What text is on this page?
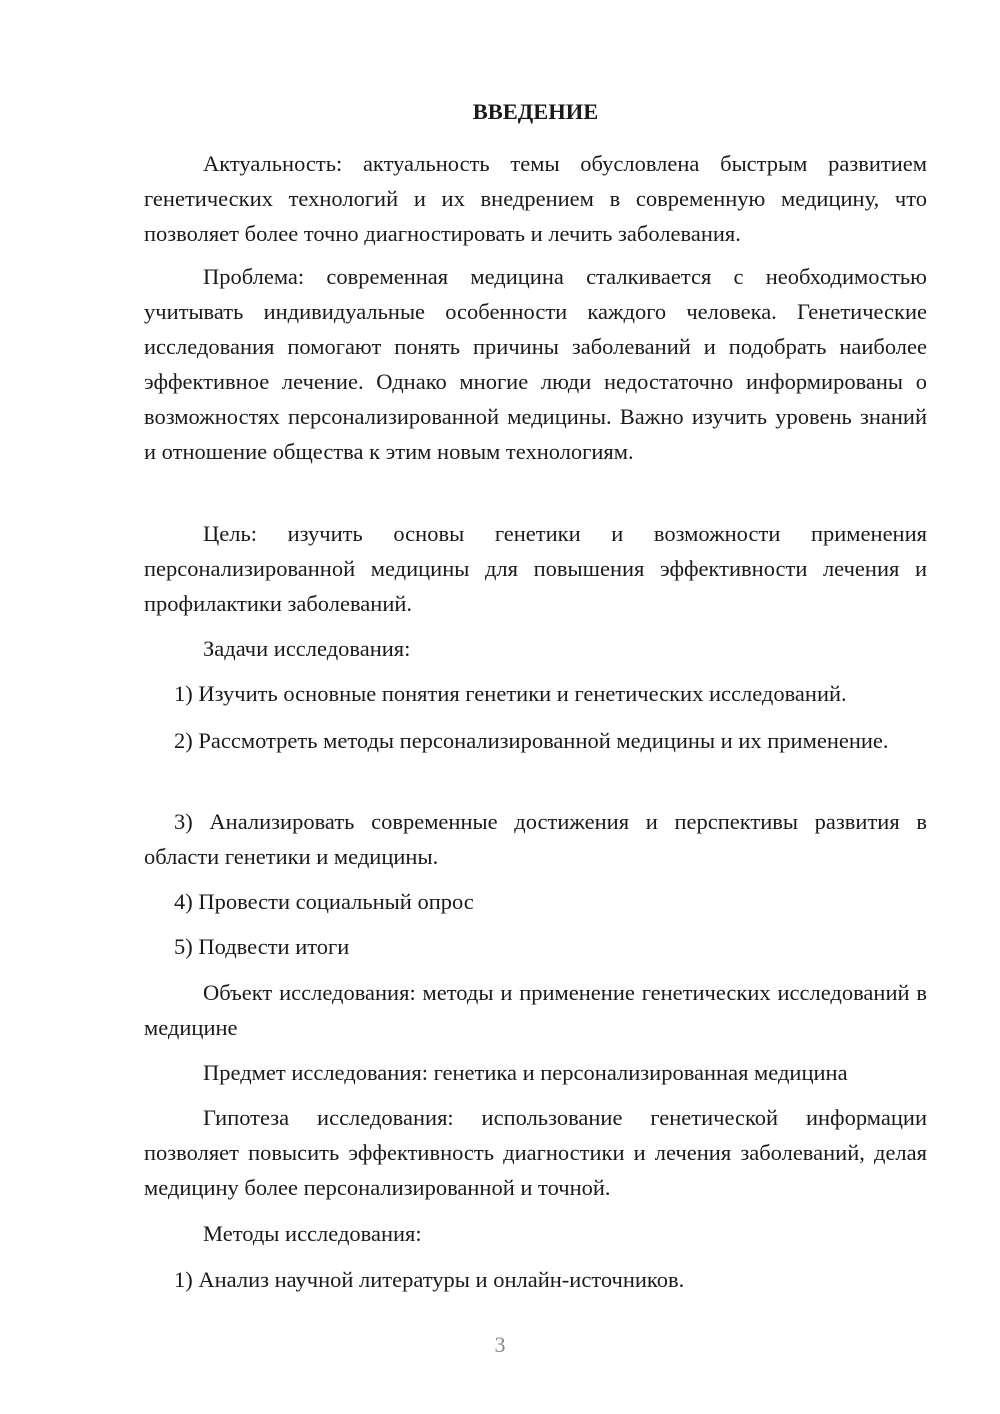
ВВЕДЕНИЕ

Актуальность: актуальность темы обусловлена быстрым развитием генетических технологий и их внедрением в современную медицину, что позволяет более точно диагностировать и лечить заболевания.

Проблема: современная медицина сталкивается с необходимостью учитывать индивидуальные особенности каждого человека. Генетические исследования помогают понять причины заболеваний и подобрать наиболее эффективное лечение. Однако многие люди недостаточно информированы о возможностях персонализированной медицины. Важно изучить уровень знаний и отношение общества к этим новым технологиям.

Цель: изучить основы генетики и возможности применения персонализированной медицины для повышения эффективности лечения и профилактики заболеваний.

Задачи исследования:

1) Изучить основные понятия генетики и генетических исследований.

2) Рассмотреть методы персонализированной медицины и их применение.

3) Анализировать современные достижения и перспективы развития в области генетики и медицины.

4) Провести социальный опрос

5) Подвести итоги

Объект исследования: методы и применение генетических исследований в медицине

Предмет исследования: генетика и персонализированная медицина

Гипотеза исследования: использование генетической информации позволяет повысить эффективность диагностики и лечения заболеваний, делая медицину более персонализированной и точной.

Методы исследования:

1) Анализ научной литературы и онлайн-источников.

3
